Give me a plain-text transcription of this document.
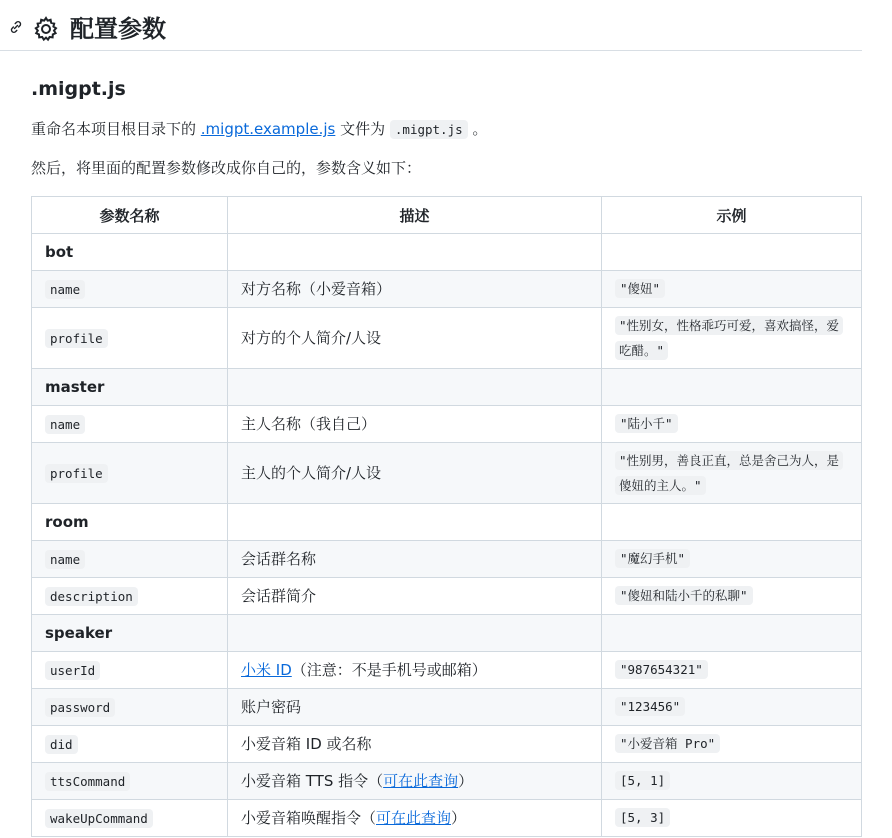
配置参数
.migpt.js
重命名本项目根目录下的 .migpt.example.js 文件为 .migpt.js 。
然后，将里面的配置参数修改成你自己的，参数含义如下：
参数名称	描述	示例
bot		
name	对方名称（小爱音箱）	"傻妞"
profile	对方的个人简介/人设	"性别女，性格乖巧可爱，喜欢搞怪，爱吃醋。"
master		
name	主人名称（我自己）	"陆小千"
profile	主人的个人简介/人设	"性别男，善良正直，总是舍己为人，是傻妞的主人。"
room		
name	会话群名称	"魔幻手机"
description	会话群简介	"傻妞和陆小千的私聊"
speaker		
userId	小米 ID（注意：不是手机号或邮箱）	"987654321"
password	账户密码	"123456"
did	小爱音箱 ID 或名称	"小爱音箱 Pro"
ttsCommand	小爱音箱 TTS 指令（可在此查询）	[5, 1]
wakeUpCommand	小爱音箱唤醒指令（可在此查询）	[5, 3]
